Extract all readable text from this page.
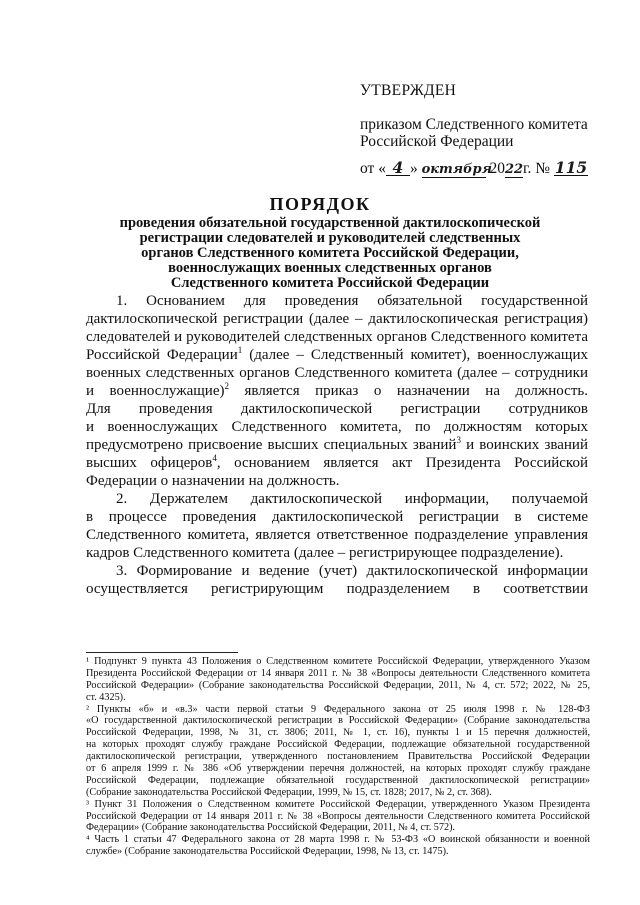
УТВЕРЖДЕН
приказом Следственного комитета
Российской Федерации
от « 4 » октября 2022г. № 115
ПОРЯДОК
проведения обязательной государственной дактилоскопической
регистрации следователей и руководителей следственных
органов Следственного комитета Российской Федерации,
военнослужащих военных следственных органов
Следственного комитета Российской Федерации
1. Основанием для проведения обязательной государственной
дактилоскопической регистрации (далее – дактилоскопическая регистрация)
следователей и руководителей следственных органов Следственного комитета
Российской Федерации$^1$ (далее – Следственный комитет), военнослужащих
военных следственных органов Следственного комитета (далее – сотрудники
и военнослужащие)$^2$ является приказ о назначении на должность.
Для проведения дактилоскопической регистрации сотрудников
и военнослужащих Следственного комитета, по должностям которых
предусмотрено присвоение высших специальных званий$^3$ и воинских званий
высших офицеров$^4$, основанием является акт Президента Российской
Федерации о назначении на должность.
2. Держателем дактилоскопической информации, получаемой
в процессе проведения дактилоскопической регистрации в системе
Следственного комитета, является ответственное подразделение управления
кадров Следственного комитета (далее – регистрирующее подразделение).
3. Формирование и ведение (учет) дактилоскопической информации
осуществляется регистрирующим подразделением в соответствии
¹ Подпункт 9 пункта 43 Положения о Следственном комитете Российской Федерации, утвержденного Указом
Президента Российской Федерации от 14 января 2011 г. № 38 «Вопросы деятельности Следственного комитета
Российской Федерации» (Собрание законодательства Российской Федерации, 2011, № 4, ст. 572; 2022, № 25,
ст. 4325).
² Пункты «б» и «в.3» части первой статьи 9 Федерального закона от 25 июля 1998 г. № 128-ФЗ
«О государственной дактилоскопической регистрации в Российской Федерации» (Собрание законодательства
Российской Федерации, 1998, № 31, ст. 3806; 2011, № 1, ст. 16), пункты 1 и 15 перечня должностей,
на которых проходят службу граждане Российской Федерации, подлежащие обязательной государственной
дактилоскопической регистрации, утвержденного постановлением Правительства Российской Федерации
от 6 апреля 1999 г. № 386 «Об утверждении перечня должностей, на которых проходят службу граждане
Российской Федерации, подлежащие обязательной государственной дактилоскопической регистрации»
(Собрание законодательства Российской Федерации, 1999, № 15, ст. 1828; 2017, № 2, ст. 368).
³ Пункт 31 Положения о Следственном комитете Российской Федерации, утвержденного Указом Президента
Российской Федерации от 14 января 2011 г. № 38 «Вопросы деятельности Следственного комитета Российской
Федерации» (Собрание законодательства Российской Федерации, 2011, № 4, ст. 572).
⁴ Часть 1 статьи 47 Федерального закона от 28 марта 1998 г. № 53-ФЗ «О воинской обязанности и военной
службе» (Собрание законодательства Российской Федерации, 1998, № 13, ст. 1475).
